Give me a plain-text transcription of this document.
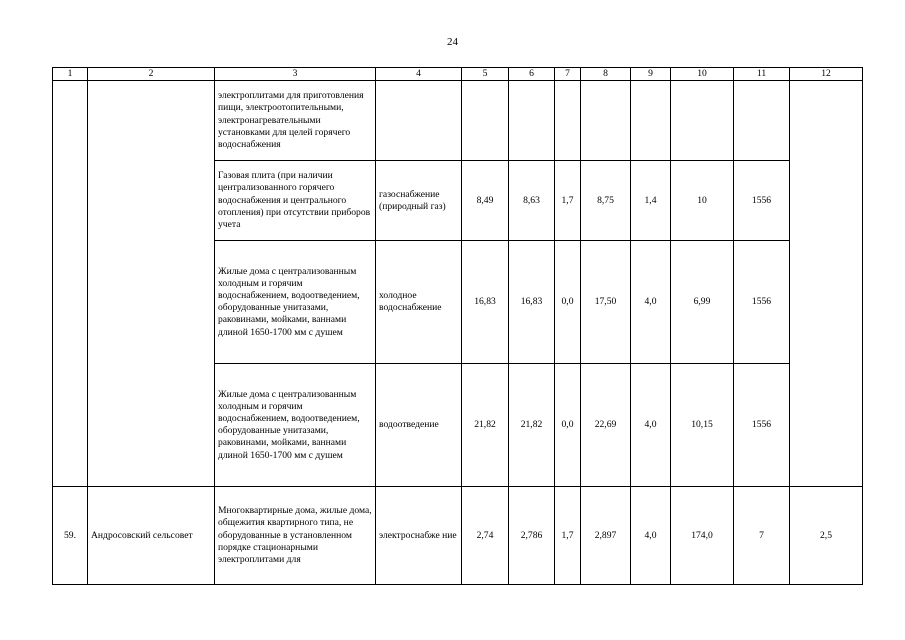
24
1	2	3	4	5	6	7	8	9	10	11	12
		электроплитами для приготовления пищи, электроотопительными, электронагревательными установками для целей горячего водоснабжения									
		Газовая плита (при наличии централизованного горячего водоснабжения и центрального отопления) при отсутствии приборов учета	газоснабжение (природный газ)	8,49	8,63	1,7	8,75	1,4	10	1556	
		Жилые дома с централизованным холодным и горячим водоснабжением, водоотведением, оборудованные унитазами, раковинами, мойками, ваннами длиной 1650-1700 мм с душем	холодное водоснабжение	16,83	16,83	0,0	17,50	4,0	6,99	1556	
		Жилые дома с централизованным холодным и горячим водоснабжением, водоотведением, оборудованные унитазами, раковинами, мойками, ваннами длиной 1650-1700 мм с душем	водоотведение	21,82	21,82	0,0	22,69	4,0	10,15	1556	
59.	Андросовский сельсовет	Многоквартирные дома, жилые дома, общежития квартирного типа, не оборудованные в установленном порядке стационарными электроплитами для	электроснабже ние	2,74	2,786	1,7	2,897	4,0	174,0	7	2,5
